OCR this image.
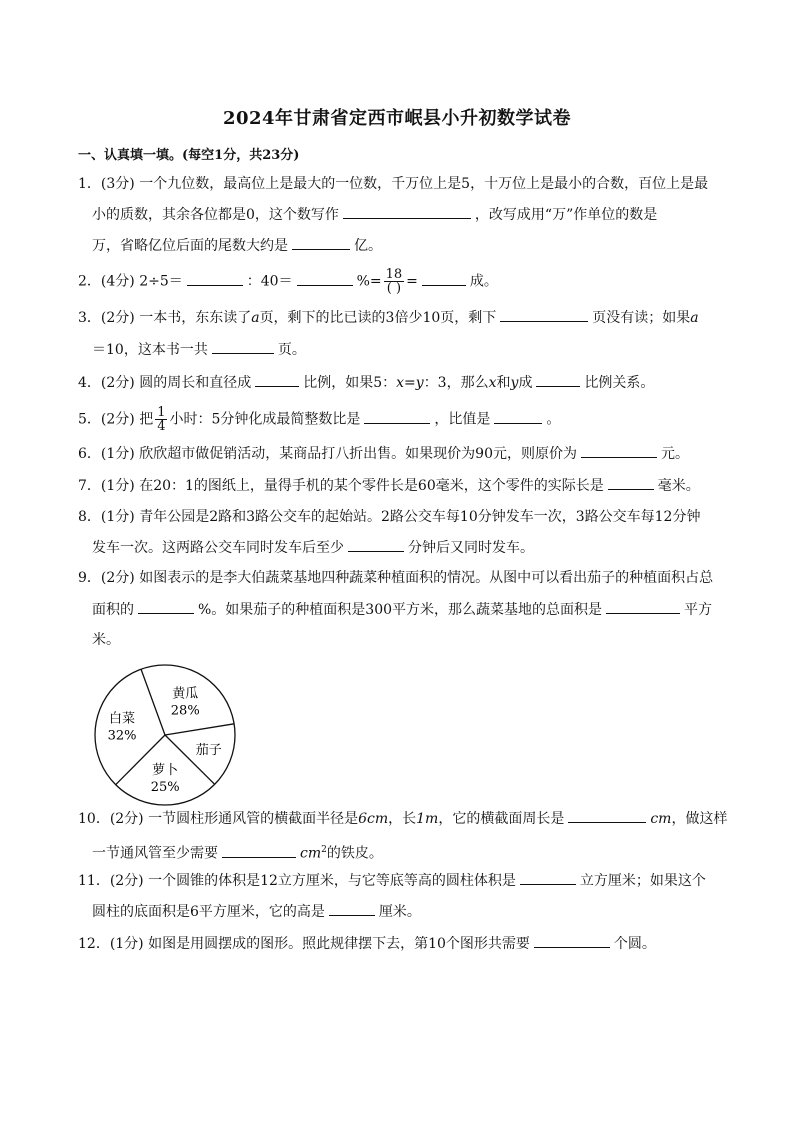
2024年甘肃省定西市岷县小升初数学试卷
一、认真填一填。(每空1分，共23分)
1．(3分) 一个九位数，最高位上是最大的一位数，千万位上是5，十万位上是最小的合数，百位上是最
小的质数，其余各位都是0，这个数写作	，改写成用“万”作单位的数是
万，省略亿位后面的尾数大约是	亿。
2．(4分) 2÷5＝	：40＝	%= $\frac{18}{( )}$ =	成。
3．(2分) 一本书，东东读了a页，剩下的比已读的3倍少10页，剩下	页没有读；如果a
＝10，这本书一共	页。
4．(2分) 圆的周长和直径成	比例，如果5：x=y：3，那么x和y成	比例关系。
5．(2分) 把 $\frac{1}{4}$ 小时：5分钟化成最简整数比是	，比值是	。
6．(1分) 欣欣超市做促销活动，某商品打八折出售。如果现价为90元，则原价为	元。
7．(1分) 在20：1的图纸上，量得手机的某个零件长是60毫米，这个零件的实际长是	毫米。
8．(1分) 青年公园是2路和3路公交车的起始站。2路公交车每10分钟发车一次，3路公交车每12分钟
发车一次。这两路公交车同时发车后至少	分钟后又同时发车。
9．(2分) 如图表示的是李大伯蔬菜基地四种蔬菜种植面积的情况。从图中可以看出茄子的种植面积占总
面积的	%。如果茄子的种植面积是300平方米，那么蔬菜基地的总面积是	平方
米。
黄瓜
28%
茄子
萝卜
25%
白菜
32%
10．(2分) 一节圆柱形通风管的横截面半径是6cm，长1m，它的横截面周长是	cm，做这样
一节通风管至少需要	$cm^2$的铁皮。
11．(2分) 一个圆锥的体积是12立方厘米，与它等底等高的圆柱体积是	立方厘米；如果这个
圆柱的底面积是6平方厘米，它的高是	厘米。
12．(1分) 如图是用圆摆成的图形。照此规律摆下去，第10个图形共需要	个圆。
